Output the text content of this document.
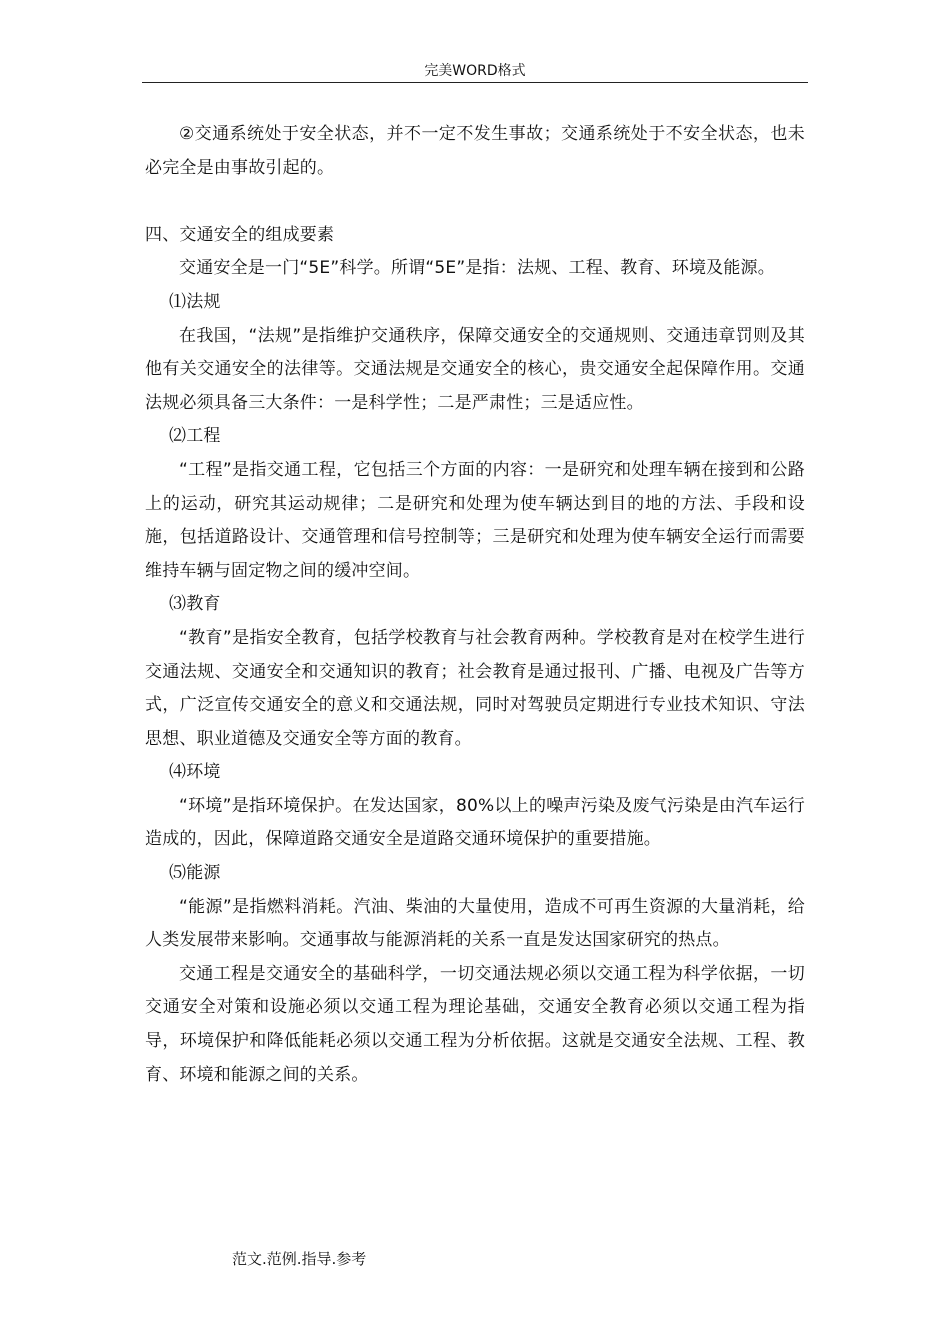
完美WORD格式

②交通系统处于安全状态，并不一定不发生事故；交通系统处于不安全状态，也未必完全是由事故引起的。

四、交通安全的组成要素

交通安全是一门“5E”科学。所谓“5E”是指：法规、工程、教育、环境及能源。

⑴法规

在我国，“法规”是指维护交通秩序，保障交通安全的交通规则、交通违章罚则及其他有关交通安全的法律等。交通法规是交通安全的核心，贵交通安全起保障作用。交通法规必须具备三大条件：一是科学性；二是严肃性；三是适应性。

⑵工程

“工程”是指交通工程，它包括三个方面的内容：一是研究和处理车辆在接到和公路上的运动，研究其运动规律；二是研究和处理为使车辆达到目的地的方法、手段和设施，包括道路设计、交通管理和信号控制等；三是研究和处理为使车辆安全运行而需要维持车辆与固定物之间的缓冲空间。

⑶教育

“教育”是指安全教育，包括学校教育与社会教育两种。学校教育是对在校学生进行交通法规、交通安全和交通知识的教育；社会教育是通过报刊、广播、电视及广告等方式，广泛宣传交通安全的意义和交通法规，同时对驾驶员定期进行专业技术知识、守法思想、职业道德及交通安全等方面的教育。

⑷环境

“环境”是指环境保护。在发达国家，80%以上的噪声污染及废气污染是由汽车运行造成的，因此，保障道路交通安全是道路交通环境保护的重要措施。

⑸能源

“能源”是指燃料消耗。汽油、柴油的大量使用，造成不可再生资源的大量消耗，给人类发展带来影响。交通事故与能源消耗的关系一直是发达国家研究的热点。

交通工程是交通安全的基础科学，一切交通法规必须以交通工程为科学依据，一切交通安全对策和设施必须以交通工程为理论基础，交通安全教育必须以交通工程为指导，环境保护和降低能耗必须以交通工程为分析依据。这就是交通安全法规、工程、教育、环境和能源之间的关系。

范文.范例.指导.参考
